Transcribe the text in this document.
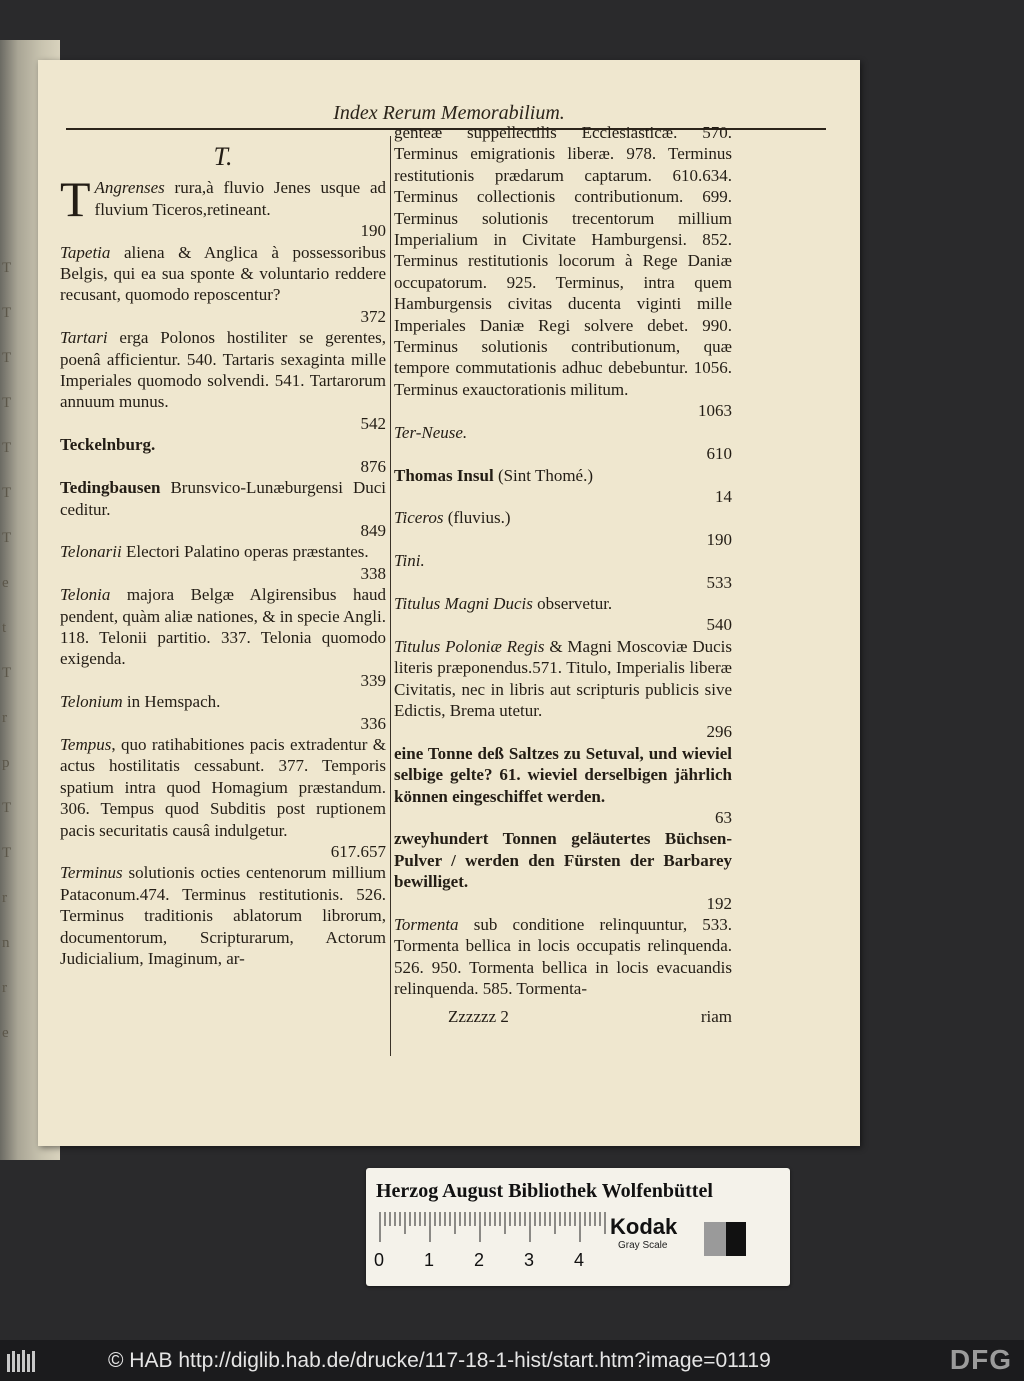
T
T
T
T
T
T
T
e
t
T
r
p
T
T
r
n
r
e
Index Rerum Memorabilium.
T.
T Angrenses rura,à fluvio Jenes usque ad fluvium Ticeros,retineant.
190
Tapetia aliena & Anglica à possessoribus Belgis, qui ea sua sponte & voluntario reddere recusant, quomodo reposcentur?
372
Tartari erga Polonos hostiliter se gerentes, poenâ afficientur. 540. Tartaris sexaginta mille Imperiales quomodo solvendi. 541. Tartarorum annuum munus.
542
Teckelnburg.
876
Tedingbausen Brunsvico-Lunæburgensi Duci ceditur.
849
Telonarii Electori Palatino operas præstantes.
338
Telonia majora Belgæ Algirensibus haud pendent, quàm aliæ nationes, & in specie Angli. 118. Telonii partitio. 337. Telonia quomodo exigenda.
339
Telonium in Hemspach.
336
Tempus, quo ratihabitiones pacis extradentur & actus hostilitatis cessabunt. 377. Temporis spatium intra quod Homagium præstandum. 306. Tempus quod Subditis post ruptionem pacis securitatis causâ indulgetur.
617.657
Terminus solutionis octies centenorum millium Pataconum.474. Terminus restitutionis. 526. Terminus traditionis ablatorum librorum, documentorum, Scripturarum, Actorum Judicialium, Imaginum, ar-
genteæ suppellectilis Ecclesiasticæ. 570. Terminus emigrationis liberæ. 978. Terminus restitutionis prædarum captarum. 610.634. Terminus collectionis contributionum. 699. Terminus solutionis trecentorum millium Imperialium in Civitate Hamburgensi. 852. Terminus restitutionis locorum à Rege Daniæ occupatorum. 925. Terminus, intra quem Hamburgensis civitas ducenta viginti mille Imperiales Daniæ Regi solvere debet. 990. Terminus solutionis contributionum, quæ tempore commutationis adhuc debebuntur. 1056. Terminus exauctorationis militum.
1063
Ter-Neuse.
610
Thomas Insul (Sint Thomé.)
14
Ticeros (fluvius.)
190
Tini.
533
Titulus Magni Ducis observetur.
540
Titulus Poloniæ Regis & Magni Moscoviæ Ducis literis præponendus.571. Titulo, Imperialis liberæ Civitatis, nec in libris aut scripturis publicis sive Edictis, Brema utetur.
296
eine Tonne deß Saltzes zu Setuval, und wieviel selbige gelte? 61. wieviel derselbigen jährlich können eingeschiffet werden.
63
zweyhundert Tonnen geläutertes Büchsen-Pulver / werden den Fürsten der Barbarey bewilliget.
192
Tormenta sub conditione relinquuntur, 533. Tormenta bellica in locis occupatis relinquenda. 526. 950. Tormenta bellica in locis evacuandis relinquenda. 585. Tormenta-
Zzzzzz 2	riam
Herzog August Bibliothek Wolfenbüttel
0 1 2 3 4
Kodak
Gray Scale
© HAB http://diglib.hab.de/drucke/117-18-1-hist/start.htm?image=01119	DFG
